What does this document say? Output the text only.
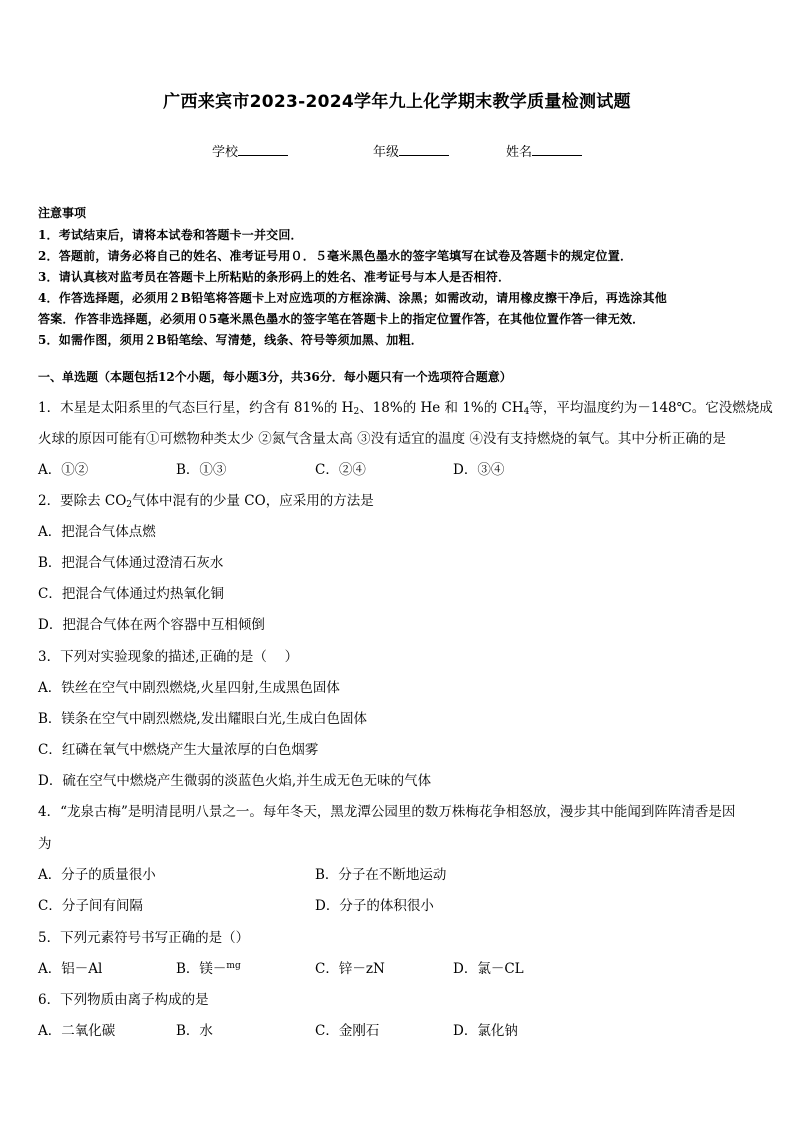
广西来宾市2023-2024学年九上化学期末教学质量检测试题
学校	年级	姓名
注意事项
1．考试结束后，请将本试卷和答题卡一并交回．
2．答题前，请务必将自己的姓名、准考证号用０．５毫米黑色墨水的签字笔填写在试卷及答题卡的规定位置．
3．请认真核对监考员在答题卡上所粘贴的条形码上的姓名、准考证号与本人是否相符．
4．作答选择题，必须用２B铅笔将答题卡上对应选项的方框涂满、涂黑；如需改动，请用橡皮擦干净后，再选涂其他
答案．作答非选择题，必须用０5毫米黑色墨水的签字笔在答题卡上的指定位置作答，在其他位置作答一律无效．
5．如需作图，须用２B铅笔绘、写清楚，线条、符号等须加黑、加粗．
一、单选题（本题包括12个小题，每小题3分，共36分．每小题只有一个选项符合题意）
1．木星是太阳系里的气态巨行星，约含有 81%的 $H_2$、18%的 He 和 1%的 $CH_4$等，平均温度约为－148℃。它没燃烧成
火球的原因可能有①可燃物种类太少 ②氮气含量太高 ③没有适宜的温度 ④没有支持燃烧的氧气。其中分析正确的是
A．①②	B．①③	C．②④	D．③④
2．要除去 $CO_2$气体中混有的少量 CO，应采用的方法是
A．把混合气体点燃
B．把混合气体通过澄清石灰水
C．把混合气体通过灼热氧化铜
D．把混合气体在两个容器中互相倾倒
3．下列对实验现象的描述,正确的是（　 ）
A．铁丝在空气中剧烈燃烧,火星四射,生成黑色固体
B．镁条在空气中剧烈燃烧,发出耀眼白光,生成白色固体
C．红磷在氧气中燃烧产生大量浓厚的白色烟雾
D．硫在空气中燃烧产生微弱的淡蓝色火焰,并生成无色无味的气体
4．“龙泉古梅”是明清昆明八景之一。每年冬天，黑龙潭公园里的数万株梅花争相怒放，漫步其中能闻到阵阵清香是因
为
A．分子的质量很小	B．分子在不断地运动
C．分子间有间隔	D．分子的体积很小
5．下列元素符号书写正确的是（）
A．铝－Al	B．镁－$^{mg}$	C．锌－zN	D．氯－CL
6．下列物质由离子构成的是
A．二氧化碳	B．水	C．金刚石	D．氯化钠
